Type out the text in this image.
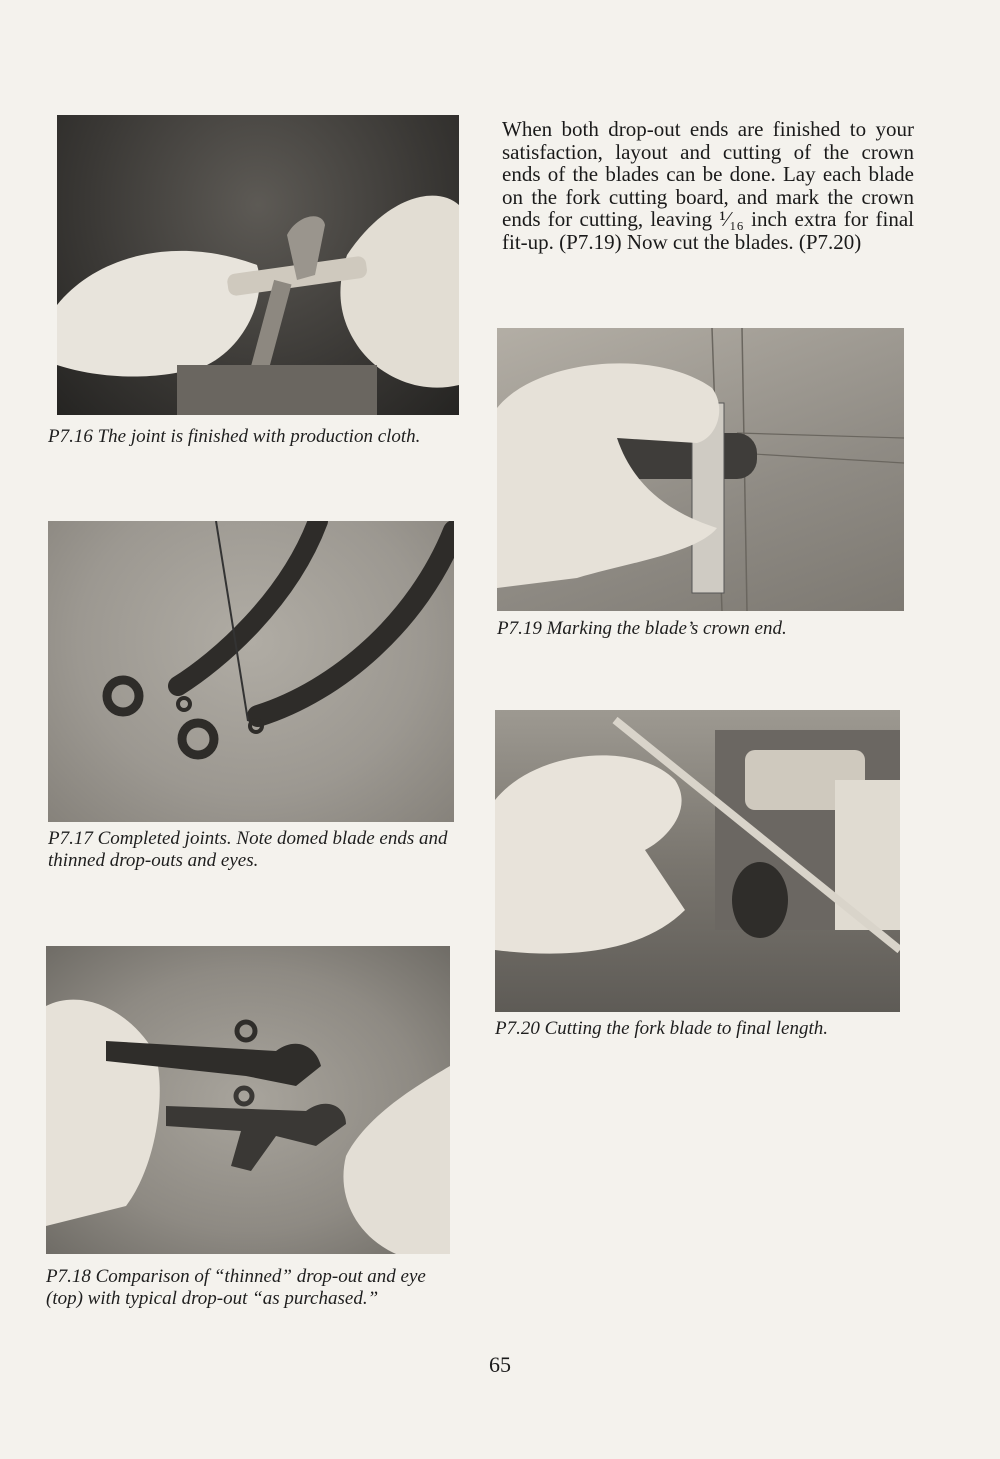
P7.16 The joint is finished with production cloth.
When both drop-out ends are finished to your satisfaction, layout and cutting of the crown ends of the blades can be done. Lay each blade on the fork cutting board, and mark the crown ends for cutting, leaving ¹⁄₁₆ inch extra for final fit-up. (P7.19) Now cut the blades. (P7.20)
P7.19 Marking the blade’s crown end.
P7.17 Completed joints. Note domed blade ends and thinned drop-outs and eyes.
P7.20 Cutting the fork blade to final length.
P7.18 Comparison of “thinned” drop-out and eye (top) with typical drop-out “as purchased.”
65
